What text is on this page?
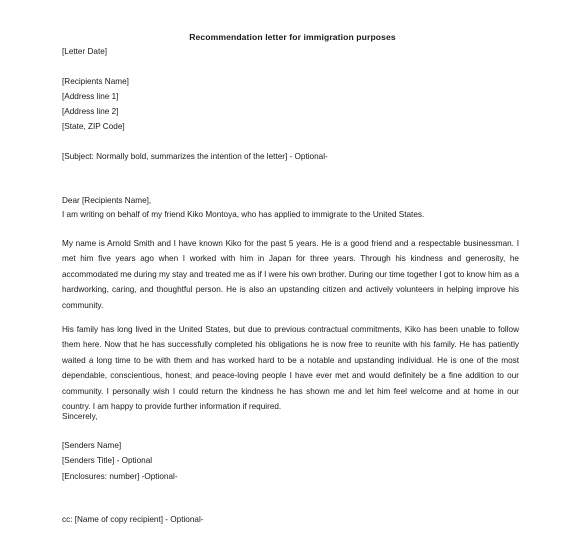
Recommendation letter for immigration purposes
[Letter Date]
[Recipients Name]
[Address line 1]
[Address line 2]
[State, ZIP Code]
[Subject: Normally bold, summarizes the intention of the letter] - Optional-
Dear [Recipients Name],
I am writing on behalf of my friend Kiko Montoya, who has applied to immigrate to the United States.
My name is Arnold Smith and I have known Kiko for the past 5 years. He is a good friend and a respectable businessman. I met him five years ago when I worked with him in Japan for three years. Through his kindness and generosity, he accommodated me during my stay and treated me as if I were his own brother. During our time together I got to know him as a hardworking, caring, and thoughtful person. He is also an upstanding citizen and actively volunteers in helping improve his community.
His family has long lived in the United States, but due to previous contractual commitments, Kiko has been unable to follow them here. Now that he has successfully completed his obligations he is now free to reunite with his family. He has patiently waited a long time to be with them and has worked hard to be a notable and upstanding individual. He is one of the most dependable, conscientious, honest, and peace-loving people I have ever met and would definitely be a fine addition to our community. I personally wish I could return the kindness he has shown me and let him feel welcome and at home in our country. I am happy to provide further information if required.
Sincerely,
[Senders Name]
[Senders Title] - Optional
[Enclosures: number] -Optional-
cc: [Name of copy recipient] - Optional-
